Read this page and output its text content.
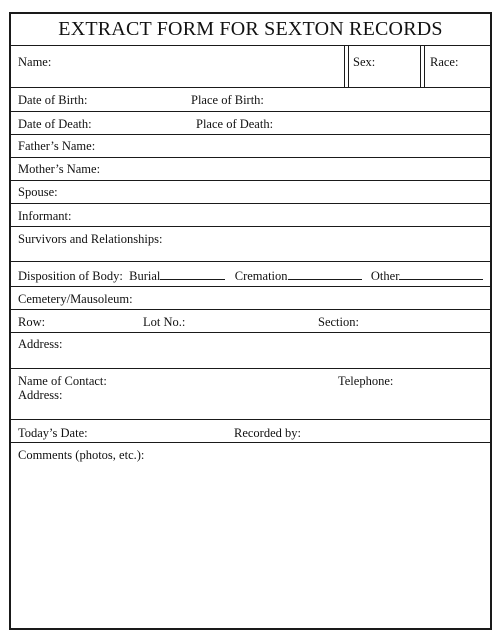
EXTRACT FORM FOR SEXTON RECORDS
Name:	Sex:	Race:
Date of Birth:	Place of Birth:
Date of Death:	Place of Death:
Father’s Name:
Mother’s Name:
Spouse:
Informant:
Survivors and Relationships:
Disposition of Body: Burial	Cremation	Other
Cemetery/Mausoleum:
Row:	Lot No.:	Section:
Address:
Name of Contact:	Telephone:
Address:
Today’s Date:	Recorded by:
Comments (photos, etc.):
